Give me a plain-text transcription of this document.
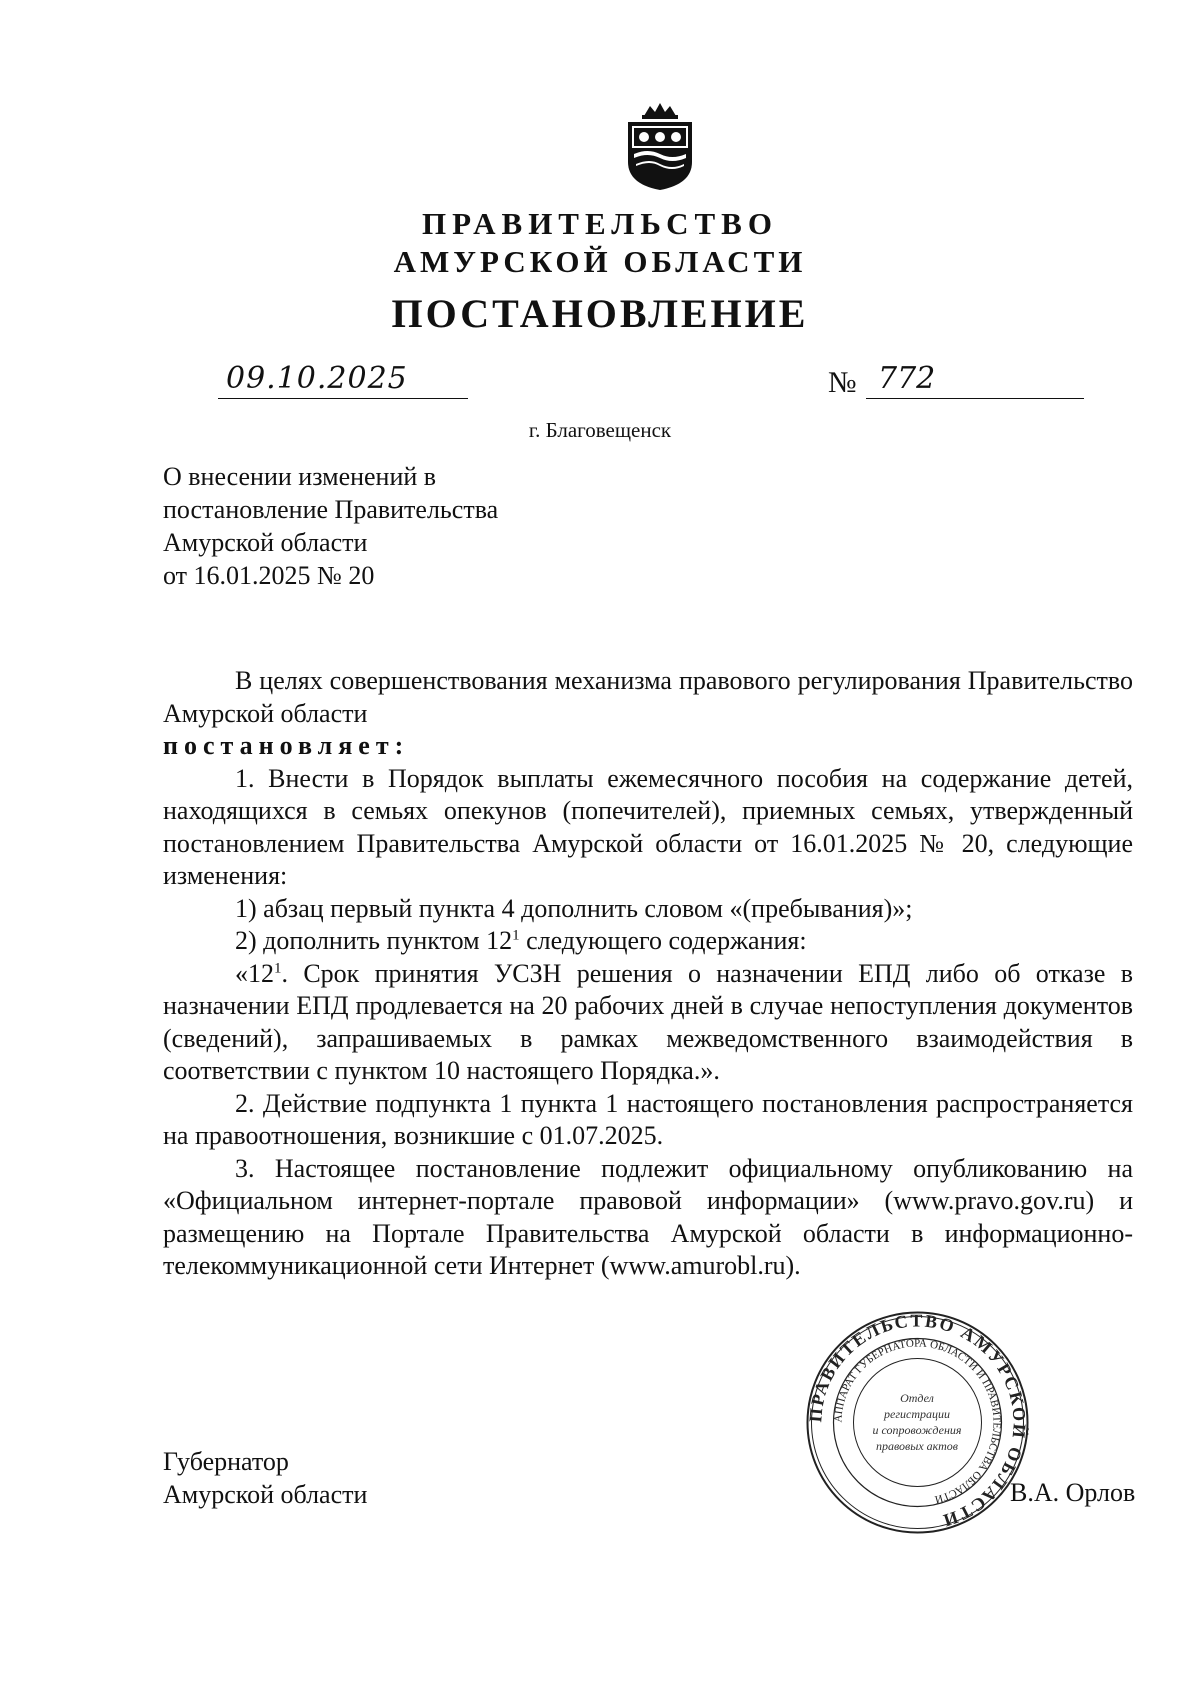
ПРАВИТЕЛЬСТВО
АМУРСКОЙ ОБЛАСТИ
ПОСТАНОВЛЕНИЕ
09.10.2025	№ 772
г. Благовещенск
О внесении изменений в
постановление Правительства
Амурской области
от 16.01.2025 № 20

В целях совершенствования механизма правового регулирования Правительство Амурской области

постановляет:

1. Внести в Порядок выплаты ежемесячного пособия на содержание детей, находящихся в семьях опекунов (попечителей), приемных семьях, утвержденный постановлением Правительства Амурской области от 16.01.2025 № 20, следующие изменения:

1) абзац первый пункта 4 дополнить словом «(пребывания)»;

2) дополнить пунктом $12^1$ следующего содержания:

«$12^1$. Срок принятия УСЗН решения о назначении ЕПД либо об отказе в назначении ЕПД продлевается на 20 рабочих дней в случае непоступления документов (сведений), запрашиваемых в рамках межведомственного взаимодействия в соответствии с пунктом 10 настоящего Порядка.».

2. Действие подпункта 1 пункта 1 настоящего постановления распространяется на правоотношения, возникшие с 01.07.2025.

3. Настоящее постановление подлежит официальному опубликованию на «Официальном интернет-портале правовой информации» (www.pravo.gov.ru) и размещению на Портале Правительства Амурской области в информационно-телекоммуникационной сети Интернет (www.amurobl.ru).

Губернатор
Амурской области	В.А. Орлов
ПРАВИТЕЛЬСТВО АМУРСКОЙ ОБЛАСТИ
АППАРАТ ГУБЕРНАТОРА ОБЛАСТИ И ПРАВИТЕЛЬСТВА ОБЛАСТИ
Отдел
регистрации
и сопровождения
правовых актов
